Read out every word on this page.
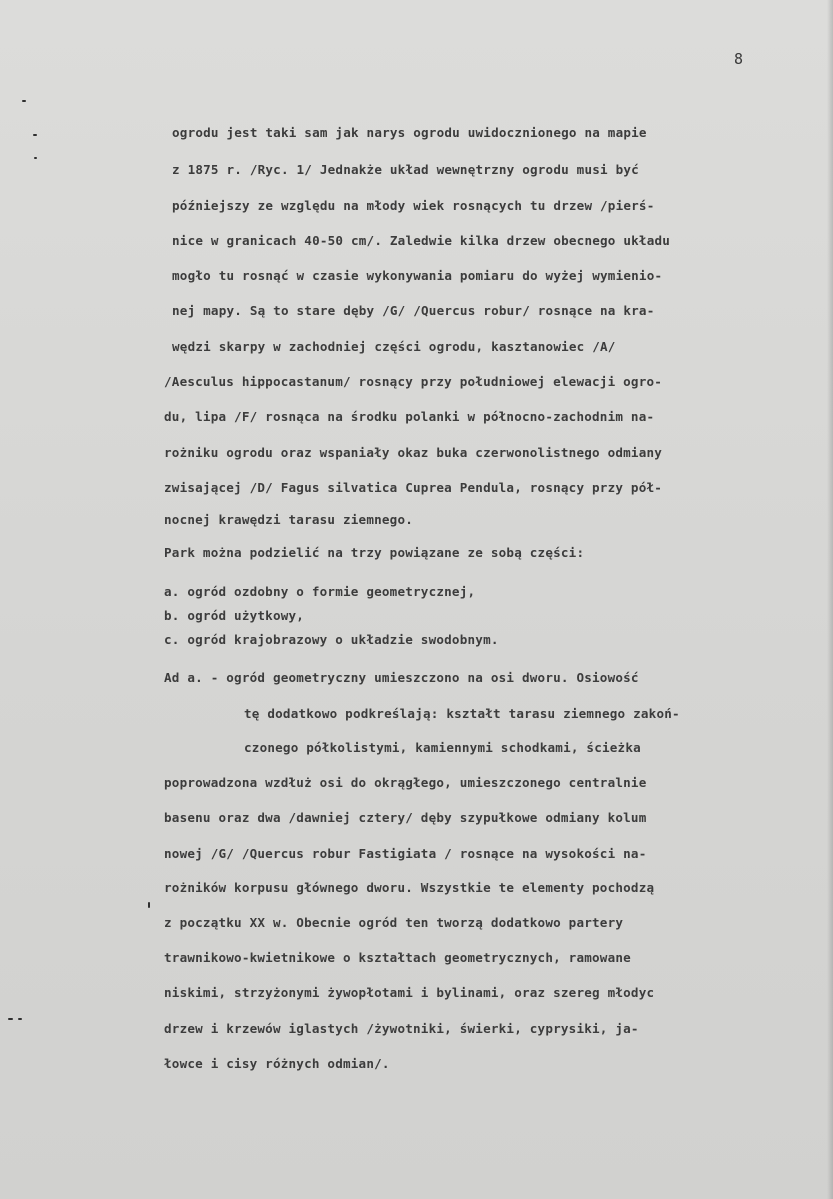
8
ogrodu jest taki sam jak narys ogrodu uwidocznionego na mapie
z 1875 r. /Ryc. 1/ Jednakże układ wewnętrzny ogrodu musi być
późniejszy ze względu na młody wiek rosnących tu drzew /pierś-
nice w granicach 40-50 cm/. Zaledwie kilka drzew obecnego układu
mogło tu rosnąć w czasie wykonywania pomiaru do wyżej wymienio-
nej mapy. Są to stare dęby /G/ /Quercus robur/ rosnące na kra-
wędzi skarpy w zachodniej części ogrodu, kasztanowiec /A/
/Aesculus hippocastanum/ rosnący przy południowej elewacji ogro-
du, lipa /F/ rosnąca na środku polanki w północno-zachodnim na-
rożniku ogrodu oraz wspaniały okaz buka czerwonolistnego odmiany
zwisającej /D/ Fagus silvatica Cuprea Pendula, rosnący przy pół-
nocnej krawędzi tarasu ziemnego.
Park można podzielić na trzy powiązane ze sobą części:
a. ogród ozdobny o formie geometrycznej,
b. ogród użytkowy,
c. ogród krajobrazowy o układzie swodobnym.
Ad a. - ogród geometryczny umieszczono na osi dworu. Osiowość
tę dodatkowo podkreślają: kształt tarasu ziemnego zakoń-
czonego półkolistymi, kamiennymi schodkami, ścieżka
poprowadzona wzdłuż osi do okrągłego, umieszczonego centralnie
basenu oraz dwa /dawniej cztery/ dęby szypułkowe odmiany kolum
nowej /G/ /Quercus robur Fastigiata / rosnące na wysokości na-
rożników korpusu głównego dworu. Wszystkie te elementy pochodzą
z początku XX w. Obecnie ogród ten tworzą dodatkowo partery
trawnikowo-kwietnikowe o kształtach geometrycznych, ramowane
niskimi, strzyżonymi żywopłotami i bylinami, oraz szereg młodyc
drzew i krzewów iglastych /żywotniki, świerki, cyprysiki, ja-
łowce i cisy różnych odmian/.
